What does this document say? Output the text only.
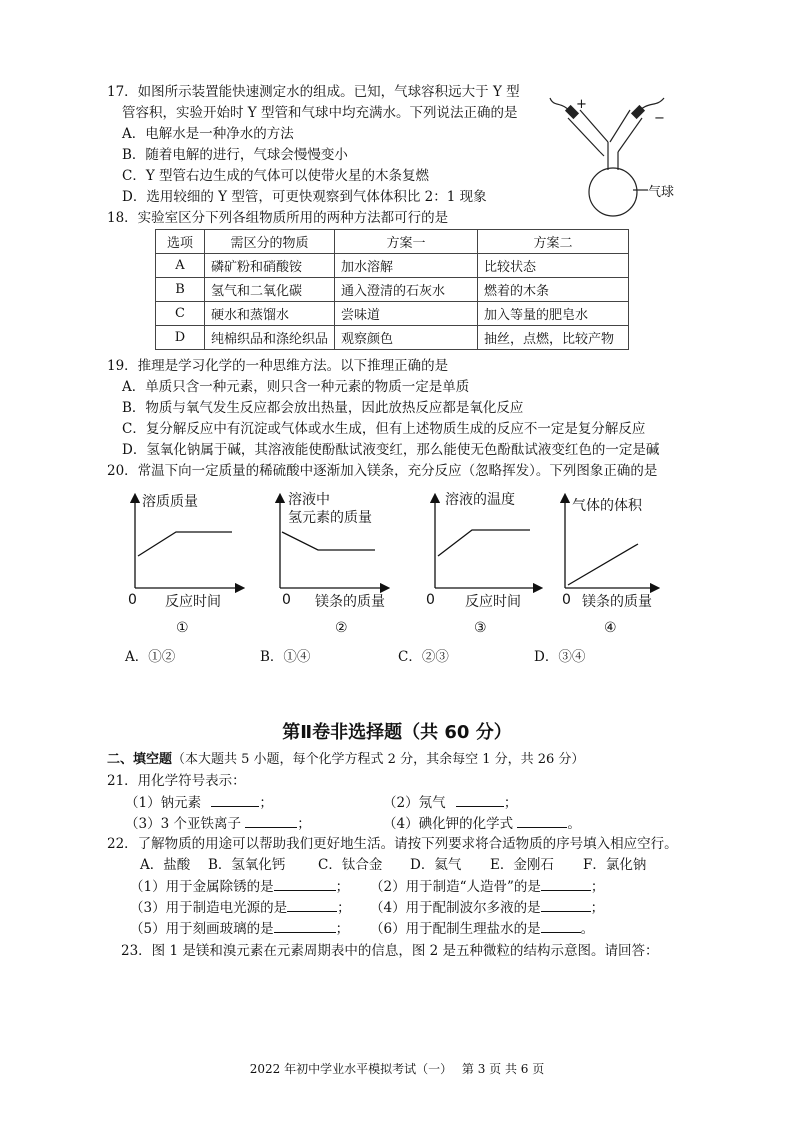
17．如图所示装置能快速测定水的组成。已知，气球容积远大于 Y 型
管容积，实验开始时 Y 型管和气球中均充满水。下列说法正确的是
A．电解水是一种净水的方法
B．随着电解的进行，气球会慢慢变小
C．Y 型管右边生成的气体可以使带火星的木条复燃
D．选用较细的 Y 型管，可更快观察到气体体积比 2：1 现象
+
−
气球
18．实验室区分下列各组物质所用的两种方法都可行的是
选项	需区分的物质	方案一	方案二
A	磷矿粉和硝酸铵	加水溶解	比较状态
B	氢气和二氧化碳	通入澄清的石灰水	燃着的木条
C	硬水和蒸馏水	尝味道	加入等量的肥皂水
D	纯棉织品和涤纶织品	观察颜色	抽丝，点燃，比较产物
19．推理是学习化学的一种思维方法。以下推理正确的是
A．单质只含一种元素，则只含一种元素的物质一定是单质
B．物质与氧气发生反应都会放出热量，因此放热反应都是氧化反应
C．复分解反应中有沉淀或气体或水生成，但有上述物质生成的反应不一定是复分解反应
D．氢氧化钠属于碱，其溶液能使酚酞试液变红，那么能使无色酚酞试液变红色的一定是碱
20．常温下向一定质量的稀硫酸中逐渐加入镁条，充分反应（忽略挥发）。下列图象正确的是
溶质质量
0 反应时间
①
溶液中
氢元素的质量
0 镁条的质量
②
溶液的温度
0 反应时间
③
气体的体积
0 镁条的质量
④
A．①②	B．①④	C．②③	D．③④
第Ⅱ卷非选择题（共 60 分）
二、填空题（本大题共 5 小题，每个化学方程式 2 分，其余每空 1 分，共 26 分）
21．用化学符号表示：
（1）钠元素	；	（2）氖气	；
（3）3 个亚铁离子	；	（4）碘化钾的化学式	。
22．了解物质的用途可以帮助我们更好地生活。请按下列要求将合适物质的序号填入相应空行。
A．盐酸 B．氢氧化钙 C．钛合金 D．氦气 E．金刚石 F．氯化钠
（1）用于金属除锈的是	； （2）用于制造“人造骨”的是	；
（3）用于制造电光源的是	； （4）用于配制波尔多液的是	；
（5）用于刻画玻璃的是	； （6）用于配制生理盐水的是	。
23．图 1 是镁和溴元素在元素周期表中的信息，图 2 是五种微粒的结构示意图。请回答：
2022 年初中学业水平模拟考试（一）　 第 3 页 共 6 页
